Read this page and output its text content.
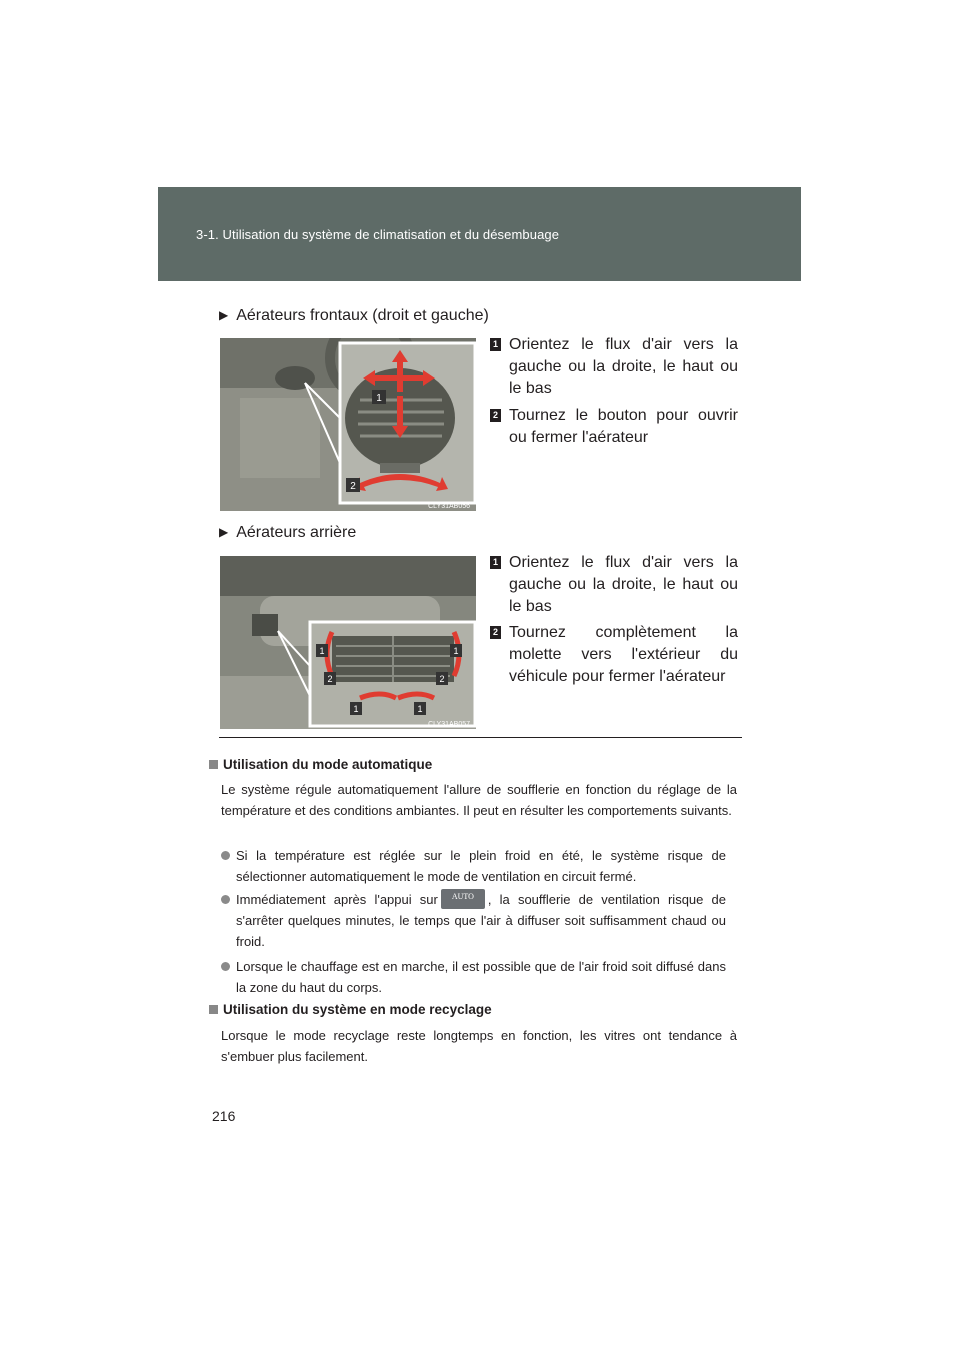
3-1. Utilisation du système de climatisation et du désembuage
▶ Aérateurs frontaux (droit et gauche)
1
2
CLY31AB056
1 Orientez le flux d'air vers la gauche ou la droite, le haut ou le bas
2 Tournez le bouton pour ouvrir ou fermer l'aérateur
▶ Aérateurs arrière
1	1
2	2
1	1
CLY31AB057
1 Orientez le flux d'air vers la gauche ou la droite, le haut ou le bas
2 Tournez complètement la molette vers l'extérieur du véhicule pour fermer l'aérateur
Utilisation du mode automatique
Le système régule automatiquement l'allure de soufflerie en fonction du réglage de la température et des conditions ambiantes. Il peut en résulter les comportements suivants.
Si la température est réglée sur le plein froid en été, le système risque de sélectionner automatiquement le mode de ventilation en circuit fermé.
Immédiatement après l'appui sur	AUTO	, la soufflerie de ventilation risque de s'arrêter quelques minutes, le temps que l'air à diffuser soit suffisamment chaud ou froid.
Lorsque le chauffage est en marche, il est possible que de l'air froid soit diffusé dans la zone du haut du corps.
Utilisation du système en mode recyclage
Lorsque le mode recyclage reste longtemps en fonction, les vitres ont tendance à s'embuer plus facilement.
216
